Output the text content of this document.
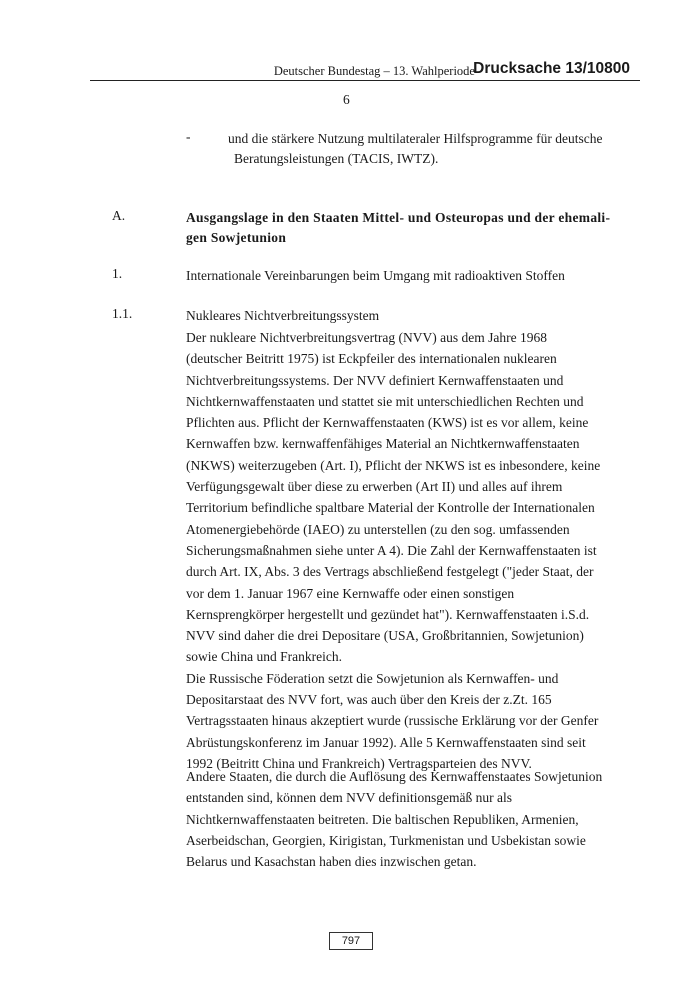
Deutscher Bundestag – 13. Wahlperiode
Drucksache 13/10800
6
-	und die stärkere Nutzung multilateraler Hilfsprogramme für deutsche
Beratungsleistungen (TACIS, IWTZ).
A.	Ausgangslage in den Staaten Mittel- und Osteuropas und der ehemali-
gen Sowjetunion
1.	Internationale Vereinbarungen beim Umgang mit radioaktiven Stoffen
1.1.	Nukleares Nichtverbreitungssystem
Der nukleare Nichtverbreitungsvertrag (NVV) aus dem Jahre 1968
(deutscher Beitritt 1975) ist Eckpfeiler des internationalen nuklearen
Nichtverbreitungssystems. Der NVV definiert Kernwaffenstaaten und
Nichtkernwaffenstaaten und stattet sie mit unterschiedlichen Rechten und
Pflichten aus. Pflicht der Kernwaffenstaaten (KWS) ist es vor allem, keine
Kernwaffen bzw. kernwaffenfähiges Material an Nichtkernwaffenstaaten
(NKWS) weiterzugeben (Art. I), Pflicht der NKWS ist es inbesondere, keine
Verfügungsgewalt über diese zu erwerben (Art II) und alles auf ihrem
Territorium befindliche spaltbare Material der Kontrolle der Internationalen
Atomenergiebehörde (IAEO) zu unterstellen (zu den sog. umfassenden
Sicherungsmaßnahmen siehe unter A 4). Die Zahl der Kernwaffenstaaten ist
durch Art. IX, Abs. 3 des Vertrags abschließend festgelegt ("jeder Staat, der
vor dem 1. Januar 1967 eine Kernwaffe oder einen sonstigen
Kernsprengkörper hergestellt und gezündet hat"). Kernwaffenstaaten i.S.d.
NVV sind daher die drei Depositare (USA, Großbritannien, Sowjetunion)
sowie China und Frankreich.
Die Russische Föderation setzt die Sowjetunion als Kernwaffen- und
Depositarstaat des NVV fort, was auch über den Kreis der z.Zt. 165
Vertragsstaaten hinaus akzeptiert wurde (russische Erklärung vor der Genfer
Abrüstungskonferenz im Januar 1992). Alle 5 Kernwaffenstaaten sind seit
1992 (Beitritt China und Frankreich) Vertragsparteien des NVV.
Andere Staaten, die durch die Auflösung des Kernwaffenstaates Sowjetunion
entstanden sind, können dem NVV definitionsgemäß nur als
Nichtkernwaffenstaaten beitreten. Die baltischen Republiken, Armenien,
Aserbeidschan, Georgien, Kirigistan, Turkmenistan und Usbekistan sowie
Belarus und Kasachstan haben dies inzwischen getan.
797
